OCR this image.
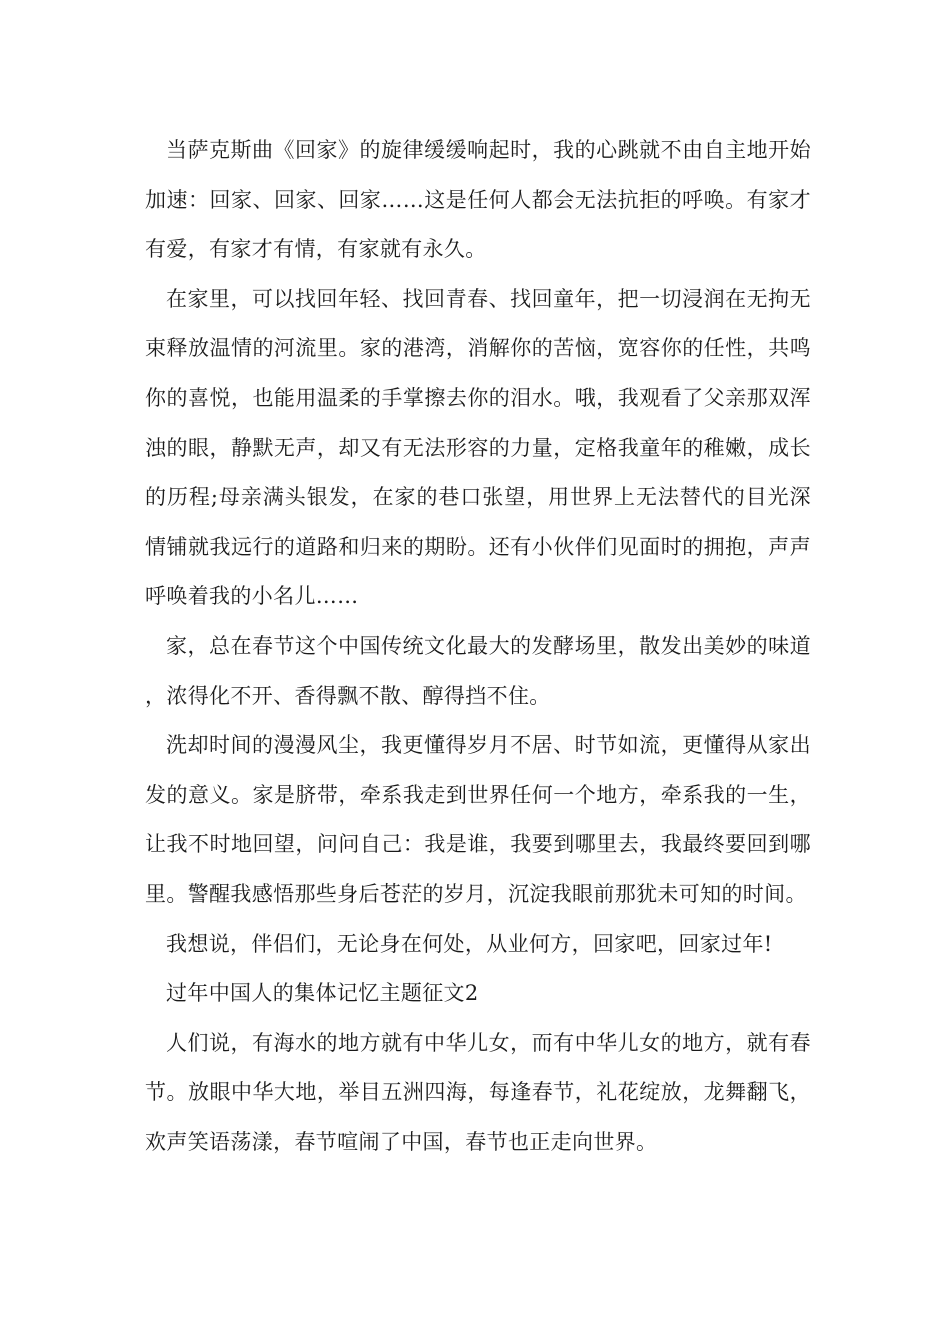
当萨克斯曲《回家》的旋律缓缓响起时，我的心跳就不由自主地开始加速：回家、回家、回家……这是任何人都会无法抗拒的呼唤。有家才有爱，有家才有情，有家就有永久。

在家里，可以找回年轻、找回青春、找回童年，把一切浸润在无拘无束释放温情的河流里。家的港湾，消解你的苦恼，宽容你的任性，共鸣你的喜悦，也能用温柔的手掌擦去你的泪水。哦，我观看了父亲那双浑浊的眼，静默无声，却又有无法形容的力量，定格我童年的稚嫩，成长的历程;母亲满头银发，在家的巷口张望，用世界上无法替代的目光深情铺就我远行的道路和归来的期盼。还有小伙伴们见面时的拥抱，声声呼唤着我的小名儿……

家，总在春节这个中国传统文化最大的发酵场里，散发出美妙的味道，浓得化不开、香得飘不散、醇得挡不住。

洗却时间的漫漫风尘，我更懂得岁月不居、时节如流，更懂得从家出发的意义。家是脐带，牵系我走到世界任何一个地方，牵系我的一生，让我不时地回望，问问自己：我是谁，我要到哪里去，我最终要回到哪里。警醒我感悟那些身后苍茫的岁月，沉淀我眼前那犹未可知的时间。

我想说，伴侣们，无论身在何处，从业何方，回家吧，回家过年!

过年中国人的集体记忆主题征文2

人们说，有海水的地方就有中华儿女，而有中华儿女的地方，就有春节。放眼中华大地，举目五洲四海，每逢春节，礼花绽放，龙舞翻飞，欢声笑语荡漾，春节喧闹了中国，春节也正走向世界。
